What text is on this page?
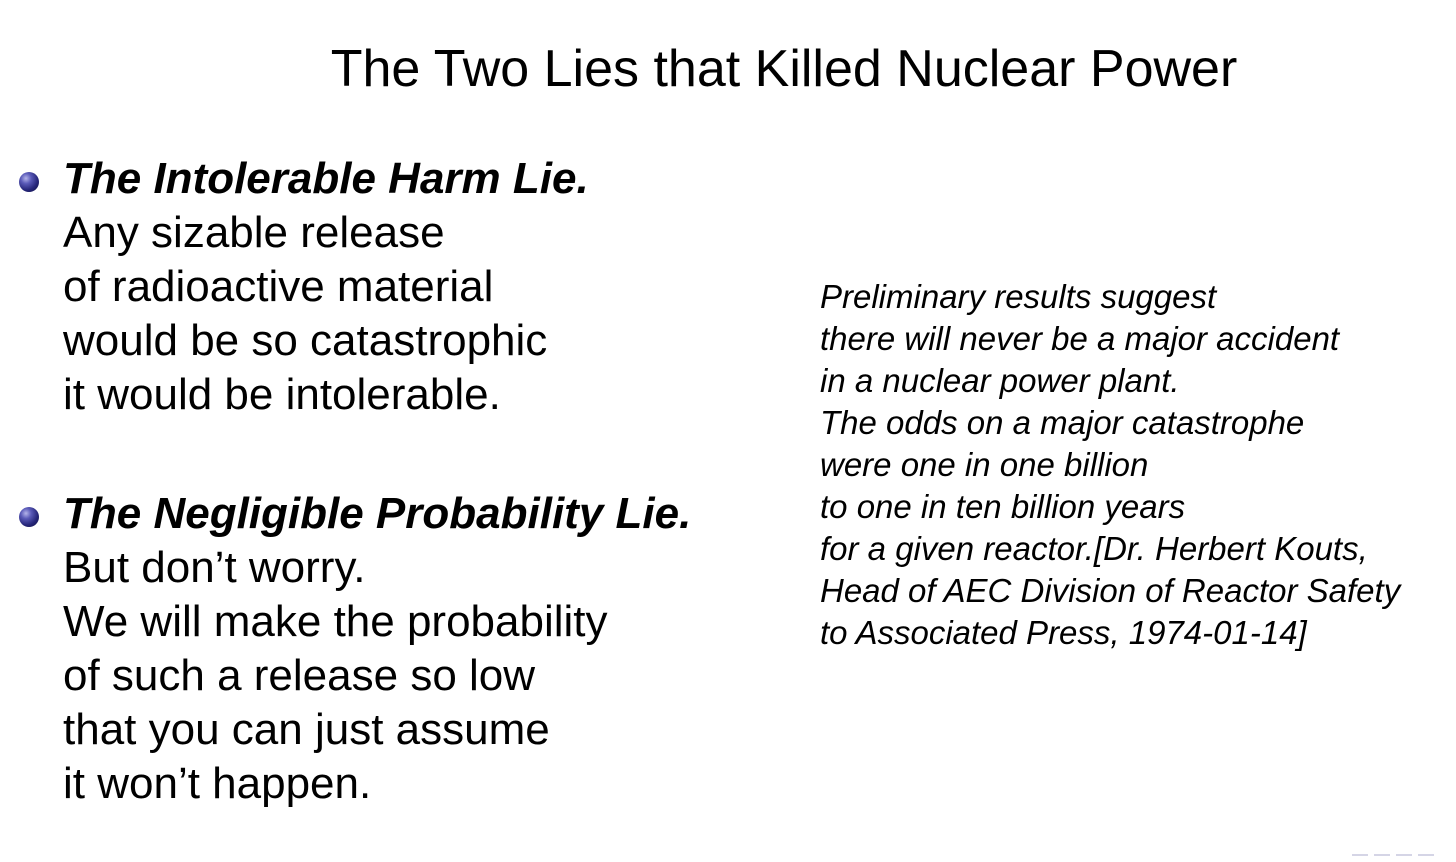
The Two Lies that Killed Nuclear Power
The Intolerable Harm Lie.
Any sizable release
of radioactive material
would be so catastrophic
it would be intolerable.
The Negligible Probability Lie.
But don’t worry.
We will make the probability
of such a release so low
that you can just assume
it won’t happen.
Preliminary results suggest
there will never be a major accident
in a nuclear power plant.
The odds on a major catastrophe
were one in one billion
to one in ten billion years
for a given reactor.[Dr. Herbert Kouts,
Head of AEC Division of Reactor Safety
to Associated Press, 1974-01-14]
